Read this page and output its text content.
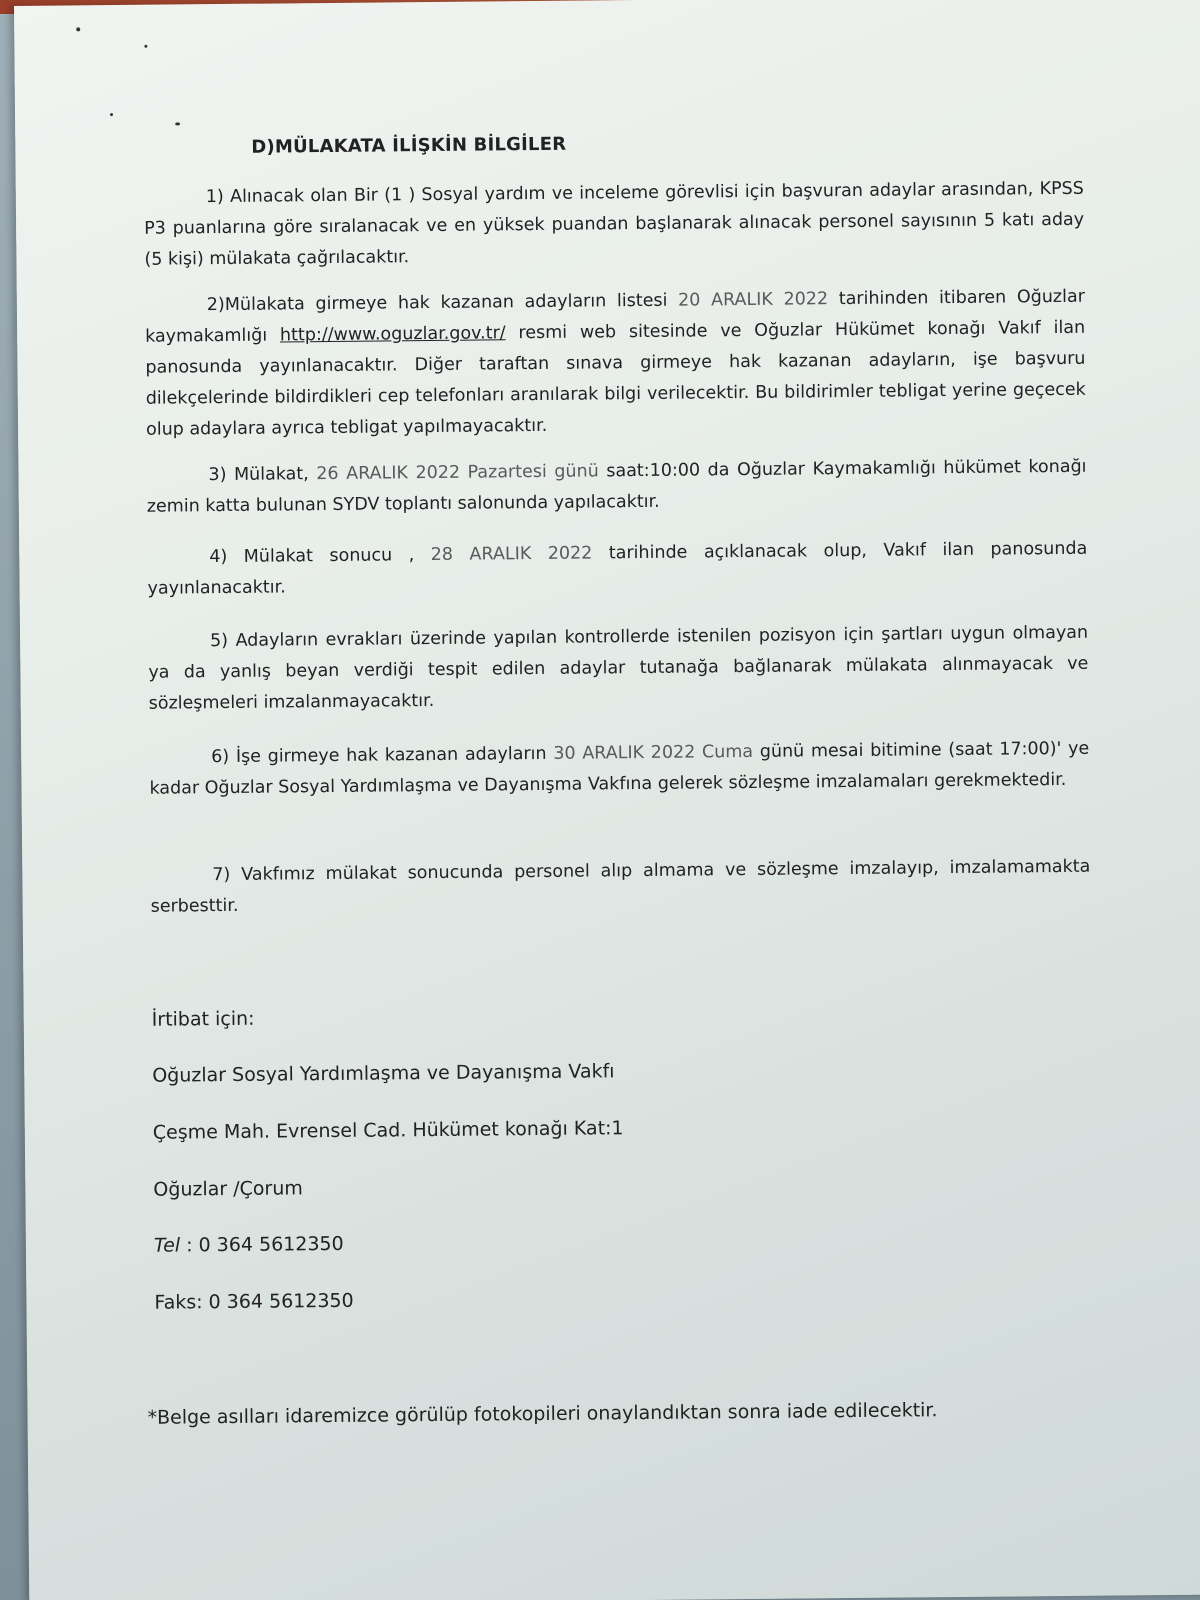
D)MÜLAKATA İLİŞKİN BİLGİLER

1) Alınacak olan Bir (1 ) Sosyal yardım ve inceleme görevlisi için başvuran adaylar arasından, KPSS P3 puanlarına göre sıralanacak ve en yüksek puandan başlanarak alınacak personel sayısının 5 katı aday (5 kişi) mülakata çağrılacaktır.

2)Mülakata girmeye hak kazanan adayların listesi 20 ARALIK 2022 tarihinden itibaren Oğuzlar kaymakamlığı http://www.oguzlar.gov.tr/ resmi web sitesinde ve Oğuzlar Hükümet konağı Vakıf ilan panosunda yayınlanacaktır. Diğer taraftan sınava girmeye hak kazanan adayların, işe başvuru dilekçelerinde bildirdikleri cep telefonları aranılarak bilgi verilecektir. Bu bildirimler tebligat yerine geçecek olup adaylara ayrıca tebligat yapılmayacaktır.

3) Mülakat, 26 ARALIK 2022 Pazartesi günü saat:10:00 da Oğuzlar Kaymakamlığı hükümet konağı zemin katta bulunan SYDV toplantı salonunda yapılacaktır.

4) Mülakat sonucu , 28 ARALIK 2022 tarihinde açıklanacak olup, Vakıf ilan panosunda yayınlanacaktır.

5) Adayların evrakları üzerinde yapılan kontrollerde istenilen pozisyon için şartları uygun olmayan ya da yanlış beyan verdiği tespit edilen adaylar tutanağa bağlanarak mülakata alınmayacak ve sözleşmeleri imzalanmayacaktır.

6) İşe girmeye hak kazanan adayların 30 ARALIK 2022 Cuma günü mesai bitimine (saat 17:00)' ye kadar Oğuzlar Sosyal Yardımlaşma ve Dayanışma Vakfına gelerek sözleşme imzalamaları gerekmektedir.

7) Vakfımız mülakat sonucunda personel alıp almama ve sözleşme imzalayıp, imzalamamakta serbesttir.

İrtibat için:

Oğuzlar Sosyal Yardımlaşma ve Dayanışma Vakfı

Çeşme Mah. Evrensel Cad. Hükümet konağı Kat:1

Oğuzlar /Çorum

Tel : 0 364 5612350

Faks: 0 364 5612350

*Belge asılları idaremizce görülüp fotokopileri onaylandıktan sonra iade edilecektir.
